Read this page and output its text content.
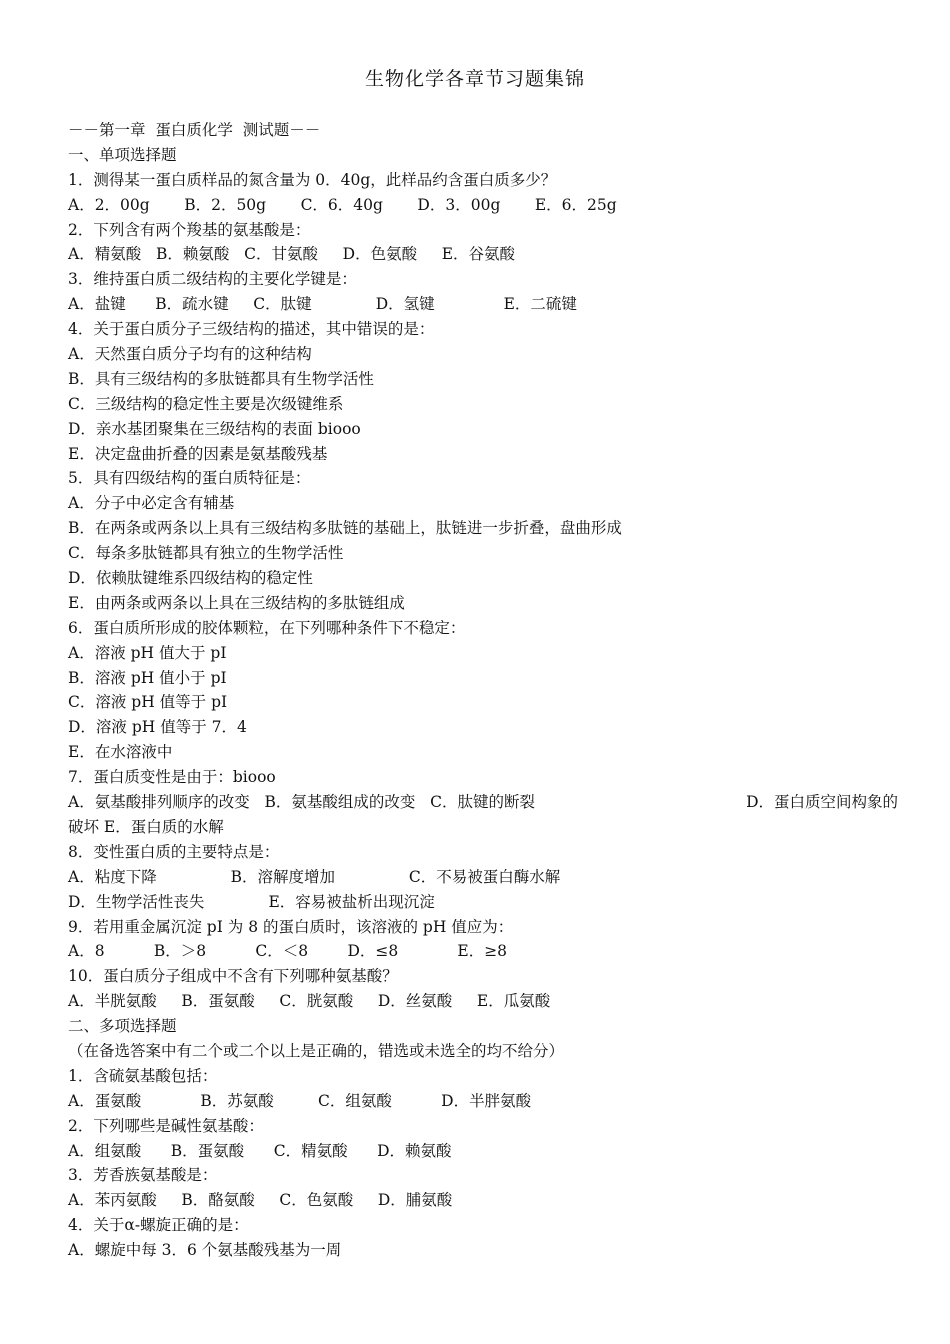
生物化学各章节习题集锦
－－第一章  蛋白质化学  测试题－－
一、单项选择题
1．测得某一蛋白质样品的氮含量为 0．40g，此样品约含蛋白质多少？
A．2．00g       B．2．50g       C．6．40g       D．3．00g       E．6．25g
2．下列含有两个羧基的氨基酸是：
A．精氨酸   B．赖氨酸   C．甘氨酸     D．色氨酸     E．谷氨酸
3．维持蛋白质二级结构的主要化学键是：
A．盐键      B．疏水键     C．肽键             D．氢键              E．二硫键
4．关于蛋白质分子三级结构的描述，其中错误的是：
A．天然蛋白质分子均有的这种结构
B．具有三级结构的多肽链都具有生物学活性
C．三级结构的稳定性主要是次级键维系
D．亲水基团聚集在三级结构的表面 biooo
E．决定盘曲折叠的因素是氨基酸残基
5．具有四级结构的蛋白质特征是：
A．分子中必定含有辅基
B．在两条或两条以上具有三级结构多肽链的基础上，肽链进一步折叠，盘曲形成
C．每条多肽链都具有独立的生物学活性
D．依赖肽键维系四级结构的稳定性
E．由两条或两条以上具在三级结构的多肽链组成
6．蛋白质所形成的胶体颗粒，在下列哪种条件下不稳定：
A．溶液 pH 值大于 pI
B．溶液 pH 值小于 pI
C．溶液 pH 值等于 pI
D．溶液 pH 值等于 7．4
E．在水溶液中
7．蛋白质变性是由于：biooo
A．氨基酸排列顺序的改变   B．氨基酸组成的改变   C．肽键的断裂	D．蛋白质空间构象的
破坏 E．蛋白质的水解
8．变性蛋白质的主要特点是：
A．粘度下降               B．溶解度增加               C．不易被蛋白酶水解
D．生物学活性丧失             E．容易被盐析出现沉淀
9．若用重金属沉淀 pI 为 8 的蛋白质时，该溶液的 pH 值应为：
A．8          B．＞8          C．＜8        D．≤8            E．≥8
10．蛋白质分子组成中不含有下列哪种氨基酸？
A．半胱氨酸     B．蛋氨酸     C．胱氨酸     D．丝氨酸     E．瓜氨酸
二、多项选择题
（在备选答案中有二个或二个以上是正确的，错选或未选全的均不给分）
1．含硫氨基酸包括：
A．蛋氨酸            B．苏氨酸         C．组氨酸          D．半胖氨酸
2．下列哪些是碱性氨基酸：
A．组氨酸      B．蛋氨酸      C．精氨酸      D．赖氨酸
3．芳香族氨基酸是：
A．苯丙氨酸     B．酪氨酸     C．色氨酸     D．脯氨酸
4．关于α-螺旋正确的是：
A．螺旋中每 3．6 个氨基酸残基为一周
